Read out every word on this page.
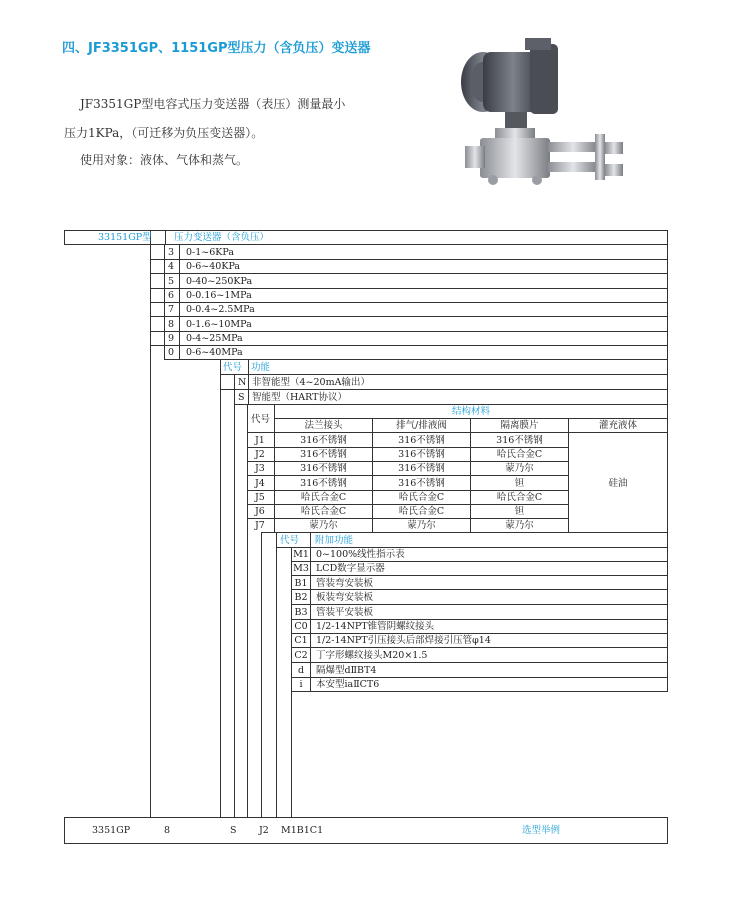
四、JF3351GP、1151GP型压力（含负压）变送器
JF3351GP型电容式压力变送器（表压）测量最小
压力1KPa，（可迁移为负压变送器）。
使用对象：液体、气体和蒸气。
33151GP型 压力变送器（含负压）
3 0-1~6KPa
4 0-6~40KPa
5 0-40~250KPa
6 0-0.16~1MPa
7 0-0.4~2.5MPa
8 0-1.6~10MPa
9 0-4~25MPa
0 0-6~40MPa
代号 功能
N 非智能型（4~20mA输出）
S 智能型（HART协议）
结构材料
代号
法兰接头	排气/排液阀	隔离膜片	灌充液体
硅油
J1	316不锈钢	316不锈钢	316不锈钢
J2	316不锈钢	316不锈钢	哈氏合金C
J3	316不锈钢	316不锈钢	蒙乃尔
J4	316不锈钢	316不锈钢	钽
J5	哈氏合金C	哈氏合金C	哈氏合金C
J6	哈氏合金C	哈氏合金C	钽
J7	蒙乃尔	蒙乃尔	蒙乃尔
代号 附加功能
M1 0~100%线性指示表
M3 LCD数字显示器
B1 管装弯安装板
B2 板装弯安装板
B3 管装平安装板
C0 1/2-14NPT锥管阴螺纹接头
C1 1/2-14NPT引压接头后部焊接引压管φ14
C2 丁字形螺纹接头M20×1.5
d	隔爆型dⅡBT4
i	本安型iaⅡCT6
3351GP	8	S J2 M1B1C1	选型举例
